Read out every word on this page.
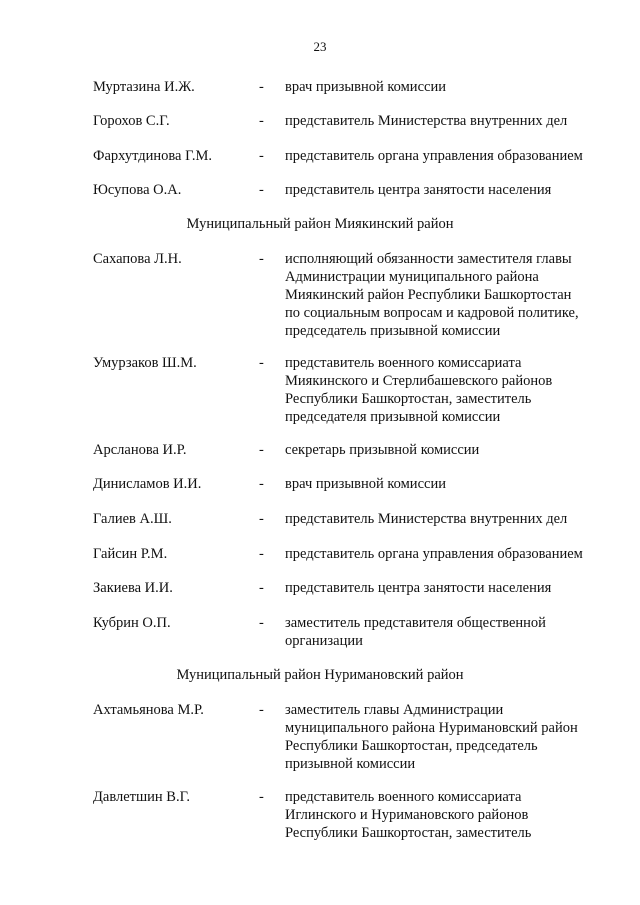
23
Муртазина И.Ж.	- врач призывной комиссии
Горохов С.Г.	- представитель Министерства внутренних дел
Фархутдинова Г.М.	- представитель органа управления образованием
Юсупова О.А.	- представитель центра занятости населения
Муниципальный район Миякинский район
Сахапова Л.Н.	- исполняющий обязанности заместителя главы
Администрации муниципального района
Миякинский район Республики Башкортостан
по социальным вопросам и кадровой политике,
председатель призывной комиссии
Умурзаков Ш.М.	- представитель военного комиссариата
Миякинского и Стерлибашевского районов
Республики Башкортостан, заместитель
председателя призывной комиссии
Арсланова И.Р.	- секретарь призывной комиссии
Динисламов И.И.	- врач призывной комиссии
Галиев А.Ш.	- представитель Министерства внутренних дел
Гайсин Р.М.	- представитель органа управления образованием
Закиева И.И.	- представитель центра занятости населения
Кубрин О.П.	- заместитель представителя общественной
организации
Муниципальный район Нуримановский район
Ахтамьянова М.Р.	- заместитель главы Администрации
муниципального района Нуримановский район
Республики Башкортостан, председатель
призывной комиссии
Давлетшин В.Г.	- представитель военного комиссариата
Иглинского и Нуримановского районов
Республики Башкортостан, заместитель
